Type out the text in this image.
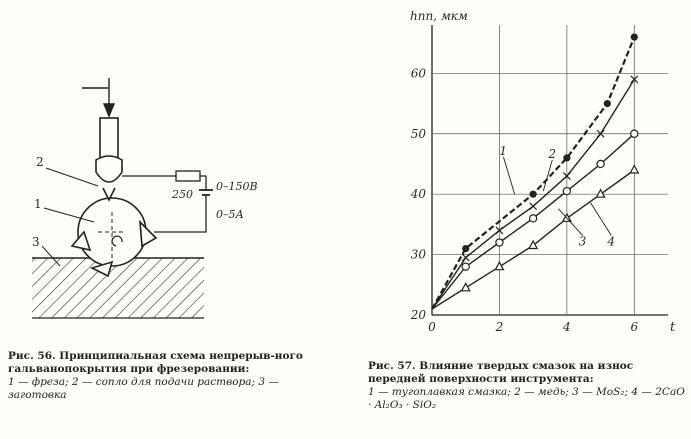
2
1
3
250
0–150В
0–5А
Рис. 56. Принципиальная схема непрерыв-ного гальванопокрытия при фрезеровании:
1 — фреза; 2 — сопло для подачи раствора; 3 — заготовка
0	2	4	6
20
30
40
50
60
hпп, мкм
t
1	2
3 4
Рис. 57. Влияние твердых смазок на износ передней поверхности инструмента:
1 — тугоплавкая смазка; 2 — медь; 3 — MoS₂; 4 — 2CaO · Al₂O₃ · SiO₂
